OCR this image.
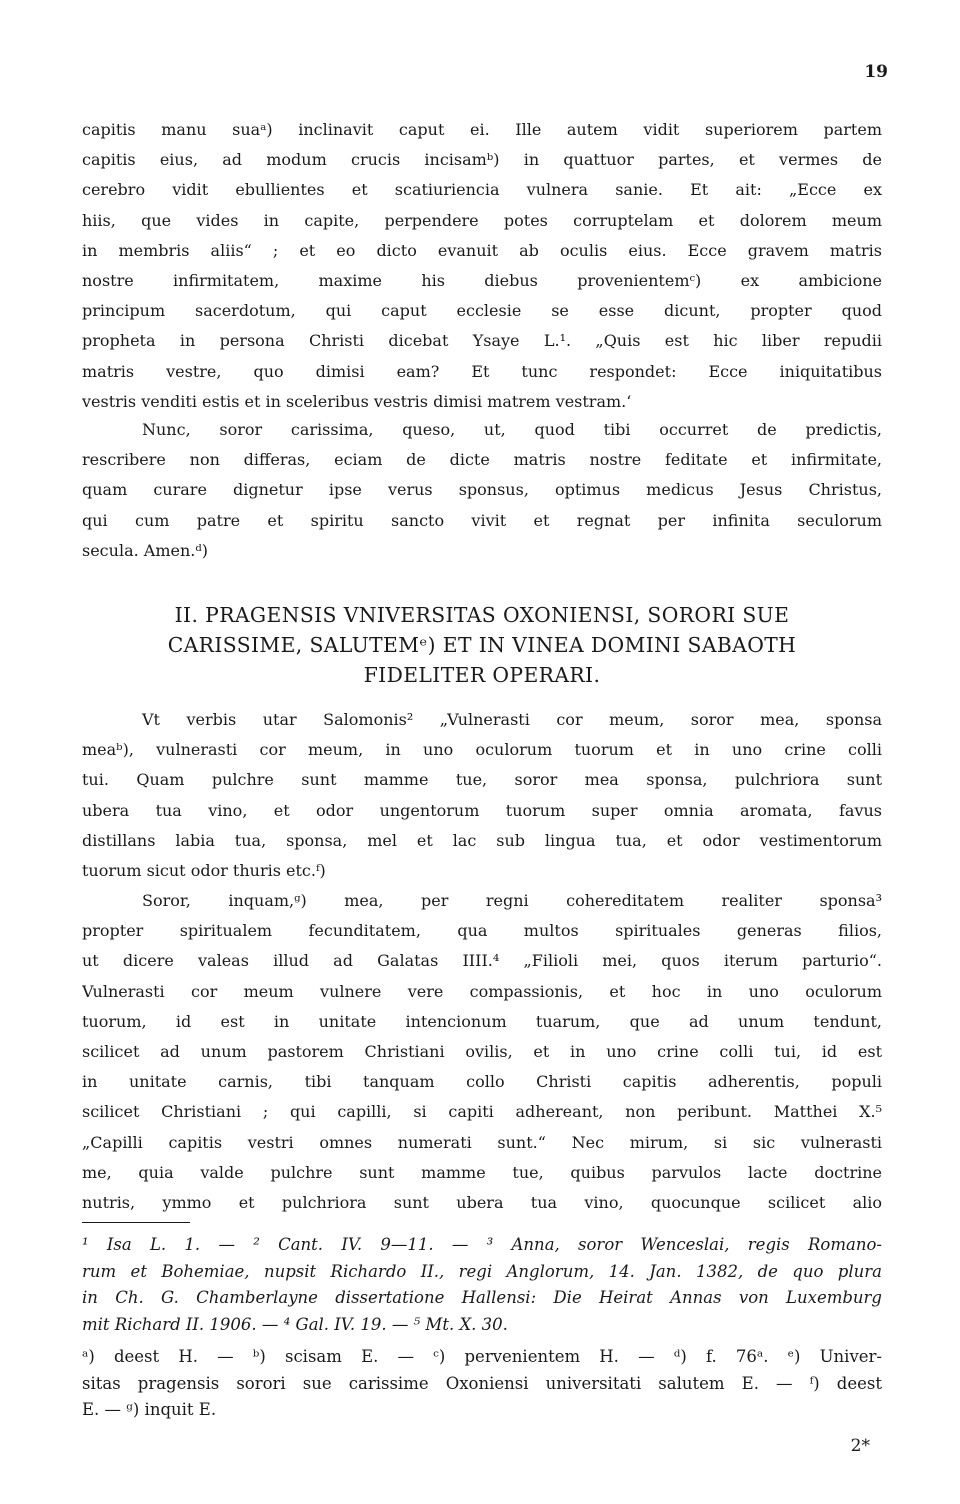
19
capitis manu suaᵃ) inclinavit caput ei. Ille autem vidit superiorem partem
capitis eius, ad modum crucis incisamᵇ) in quattuor partes, et vermes de
cerebro vidit ebullientes et scatiuriencia vulnera sanie. Et ait: „Ecce ex
hiis, que vides in capite, perpendere potes corruptelam et dolorem meum
in membris aliis“ ; et eo dicto evanuit ab oculis eius. Ecce gravem matris
nostre infirmitatem, maxime his diebus provenientemᶜ) ex ambicione
principum sacerdotum, qui caput ecclesie se esse dicunt, propter quod
propheta in persona Christi dicebat Ysaye L.¹. „Quis est hic liber repudii
matris vestre, quo dimisi eam? Et tunc respondet: Ecce iniquitatibus
vestris venditi estis et in sceleribus vestris dimisi matrem vestram.‘
Nunc, soror carissima, queso, ut, quod tibi occurret de predictis,
rescribere non differas, eciam de dicte matris nostre feditate et infirmitate,
quam curare dignetur ipse verus sponsus, optimus medicus Jesus Christus,
qui cum patre et spiritu sancto vivit et regnat per infinita seculorum
secula. Amen.ᵈ)
II. PRAGENSIS VNIVERSITAS OXONIENSI, SORORI SUE
CARISSIME, SALUTEMᵉ) ET IN VINEA DOMINI SABAOTH
FIDELITER OPERARI.
Vt verbis utar Salomonis² „Vulnerasti cor meum, soror mea, sponsa
meaᵇ), vulnerasti cor meum, in uno oculorum tuorum et in uno crine colli
tui. Quam pulchre sunt mamme tue, soror mea sponsa, pulchriora sunt
ubera tua vino, et odor ungentorum tuorum super omnia aromata, favus
distillans labia tua, sponsa, mel et lac sub lingua tua, et odor vestimentorum
tuorum sicut odor thuris etc.ᶠ)
Soror, inquam,ᵍ) mea, per regni cohereditatem realiter sponsa³
propter spiritualem fecunditatem, qua multos spirituales generas filios,
ut dicere valeas illud ad Galatas IIII.⁴ „Filioli mei, quos iterum parturio“.
Vulnerasti cor meum vulnere vere compassionis, et hoc in uno oculorum
tuorum, id est in unitate intencionum tuarum, que ad unum tendunt,
scilicet ad unum pastorem Christiani ovilis, et in uno crine colli tui, id est
in unitate carnis, tibi tanquam collo Christi capitis adherentis, populi
scilicet Christiani ; qui capilli, si capiti adhereant, non peribunt. Matthei X.⁵
„Capilli capitis vestri omnes numerati sunt.“ Nec mirum, si sic vulnerasti
me, quia valde pulchre sunt mamme tue, quibus parvulos lacte doctrine
nutris, ymmo et pulchriora sunt ubera tua vino, quocunque scilicet alio
¹ Isa L. 1. — ² Cant. IV. 9—11. — ³ Anna, soror Wenceslai, regis Romano-
rum et Bohemiae, nupsit Richardo II., regi Anglorum, 14. Jan. 1382, de quo plura
in Ch. G. Chamberlayne dissertatione Hallensi: Die Heirat Annas von Luxemburg
mit Richard II. 1906. — ⁴ Gal. IV. 19. — ⁵ Mt. X. 30.
ᵃ) deest H. — ᵇ) scisam E. — ᶜ) pervenientem H. — ᵈ) f. 76ᵃ. ᵉ) Univer-
sitas pragensis sorori sue carissime Oxoniensi universitati salutem E. — ᶠ) deest
E. — ᵍ) inquit E.
2*
